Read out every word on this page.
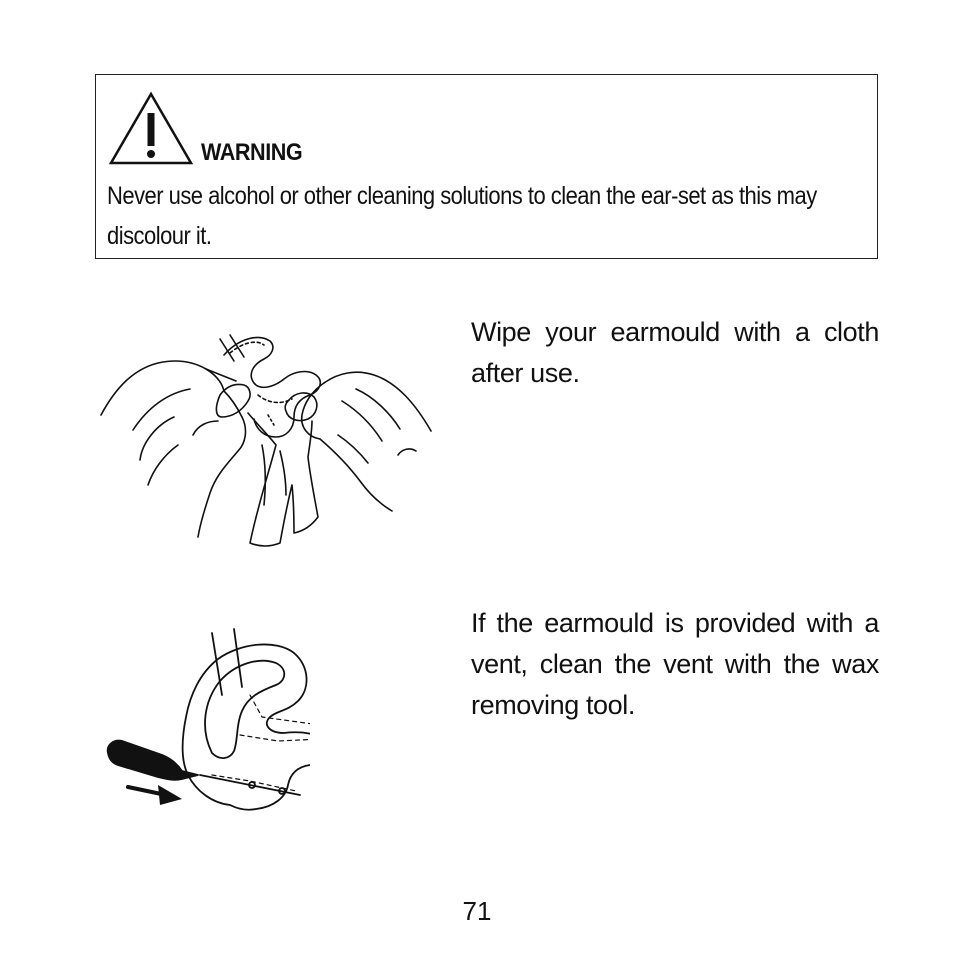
WARNING
Never use alcohol or other cleaning solutions to clean the ear-set as this may discolour it.
Wipe your earmould with a cloth after use.
If the earmould is provided with a vent, clean the vent with the wax removing tool.
71
